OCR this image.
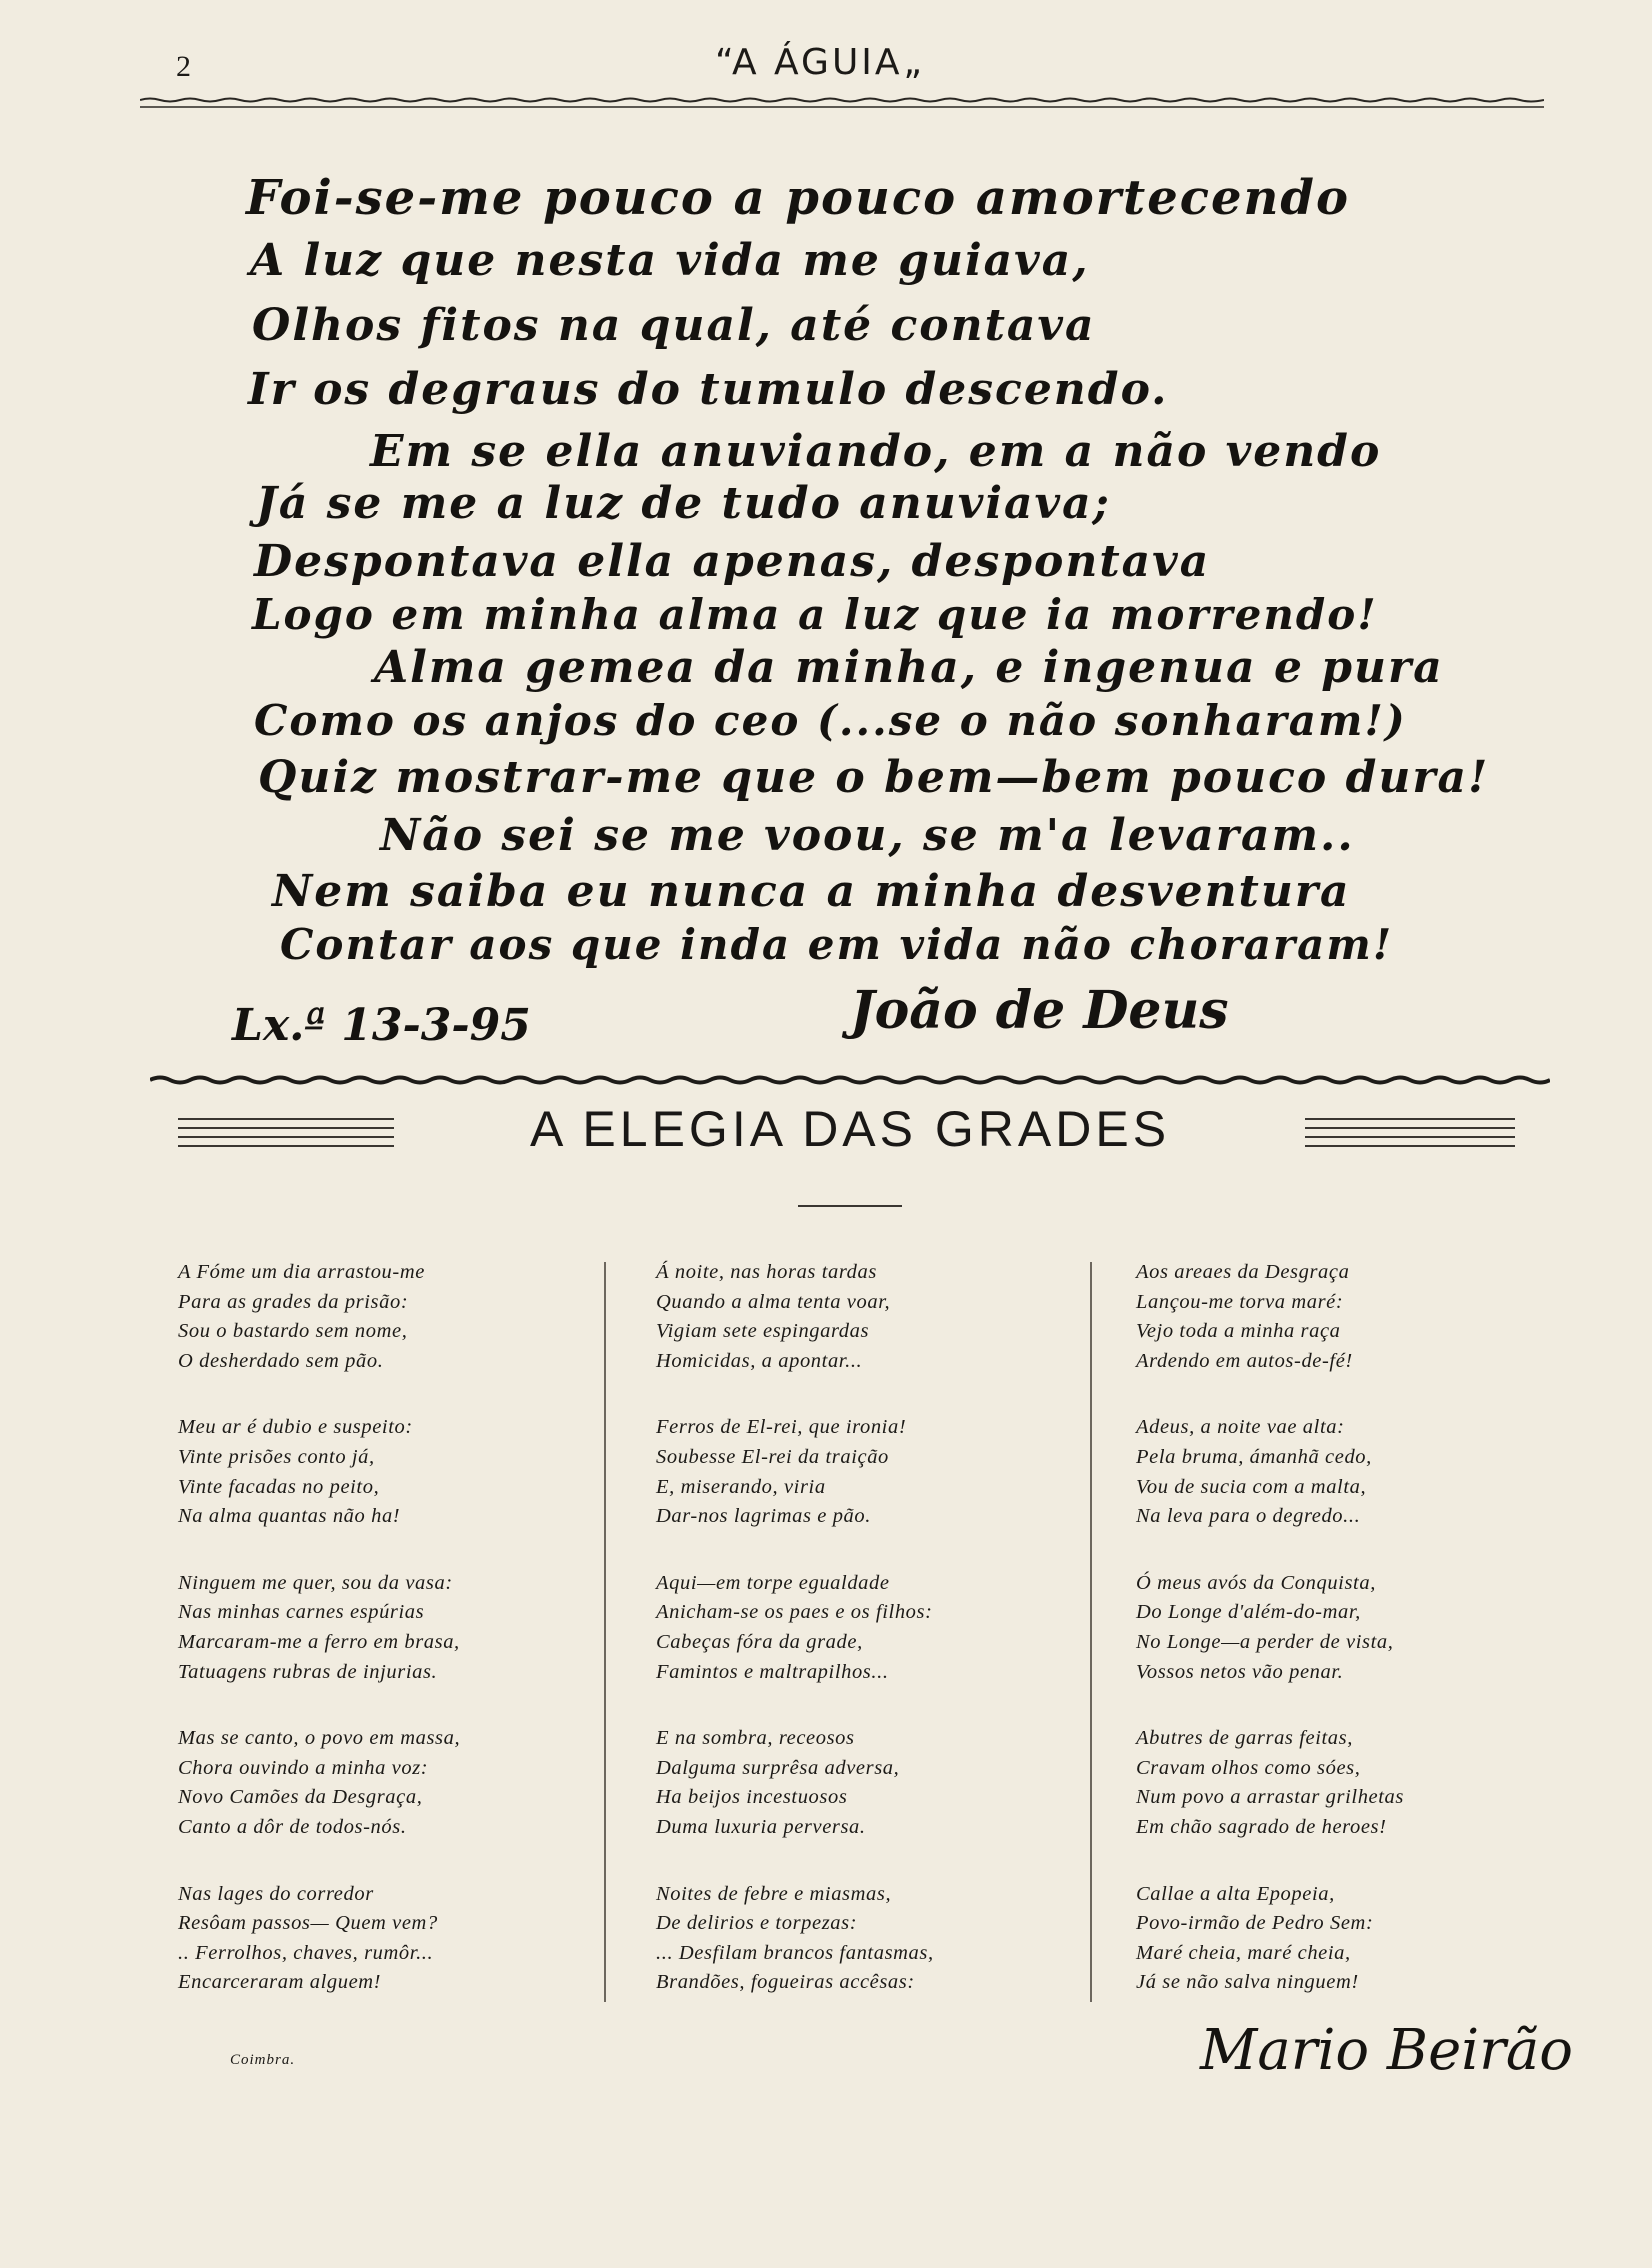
2	“A ÁGUIA„
Foi-se-me pouco a pouco amortecendo
A luz que nesta vida me guiava,
Olhos fitos na qual, até contava
Ir os degraus do tumulo descendo.
Em se ella anuviando, em a não vendo
Já se me a luz de tudo anuviava;
Despontava ella apenas, despontava
Logo em minha alma a luz que ia morrendo!
Alma gemea da minha, e ingenua e pura
Como os anjos do ceo (...se o não sonharam!)
Quiz mostrar-me que o bem—bem pouco dura!
Não sei se me voou, se m'a levaram..
Nem saiba eu nunca a minha desventura
Contar aos que inda em vida não choraram!
Lx.ª 13-3-95	João de Deus
A ELEGIA DAS GRADES
A Fóme um dia arrastou-me
Para as grades da prisão:
Sou o bastardo sem nome,
O desherdado sem pão.
Meu ar é dubio e suspeito:
Vinte prisões conto já,
Vinte facadas no peito,
Na alma quantas não ha!
Ninguem me quer, sou da vasa:
Nas minhas carnes espúrias
Marcaram-me a ferro em brasa,
Tatuagens rubras de injurias.
Mas se canto, o povo em massa,
Chora ouvindo a minha voz:
Novo Camões da Desgraça,
Canto a dôr de todos-nós.
Nas lages do corredor
Resôam passos— Quem vem?
.. Ferrolhos, chaves, rumôr...
Encarceraram alguem!
Á noite, nas horas tardas
Quando a alma tenta voar,
Vigiam sete espingardas
Homicidas, a apontar...
Ferros de El-rei, que ironia!
Soubesse El-rei da traição
E, miserando, viria
Dar-nos lagrimas e pão.
Aqui—em torpe egualdade
Anicham-se os paes e os filhos:
Cabeças fóra da grade,
Famintos e maltrapilhos...
E na sombra, receosos
Dalguma surprêsa adversa,
Ha beijos incestuosos
Duma luxuria perversa.
Noites de febre e miasmas,
De delirios e torpezas:
... Desfilam brancos fantasmas,
Brandões, fogueiras accêsas:
Aos areaes da Desgraça
Lançou-me torva maré:
Vejo toda a minha raça
Ardendo em autos-de-fé!
Adeus, a noite vae alta:
Pela bruma, ámanhã cedo,
Vou de sucia com a malta,
Na leva para o degredo...
Ó meus avós da Conquista,
Do Longe d'além-do-mar,
No Longe—a perder de vista,
Vossos netos vão penar.
Abutres de garras feitas,
Cravam olhos como sóes,
Num povo a arrastar grilhetas
Em chão sagrado de heroes!
Callae a alta Epopeia,
Povo-irmão de Pedro Sem:
Maré cheia, maré cheia,
Já se não salva ninguem!
Coimbra.	Mario Beirão
